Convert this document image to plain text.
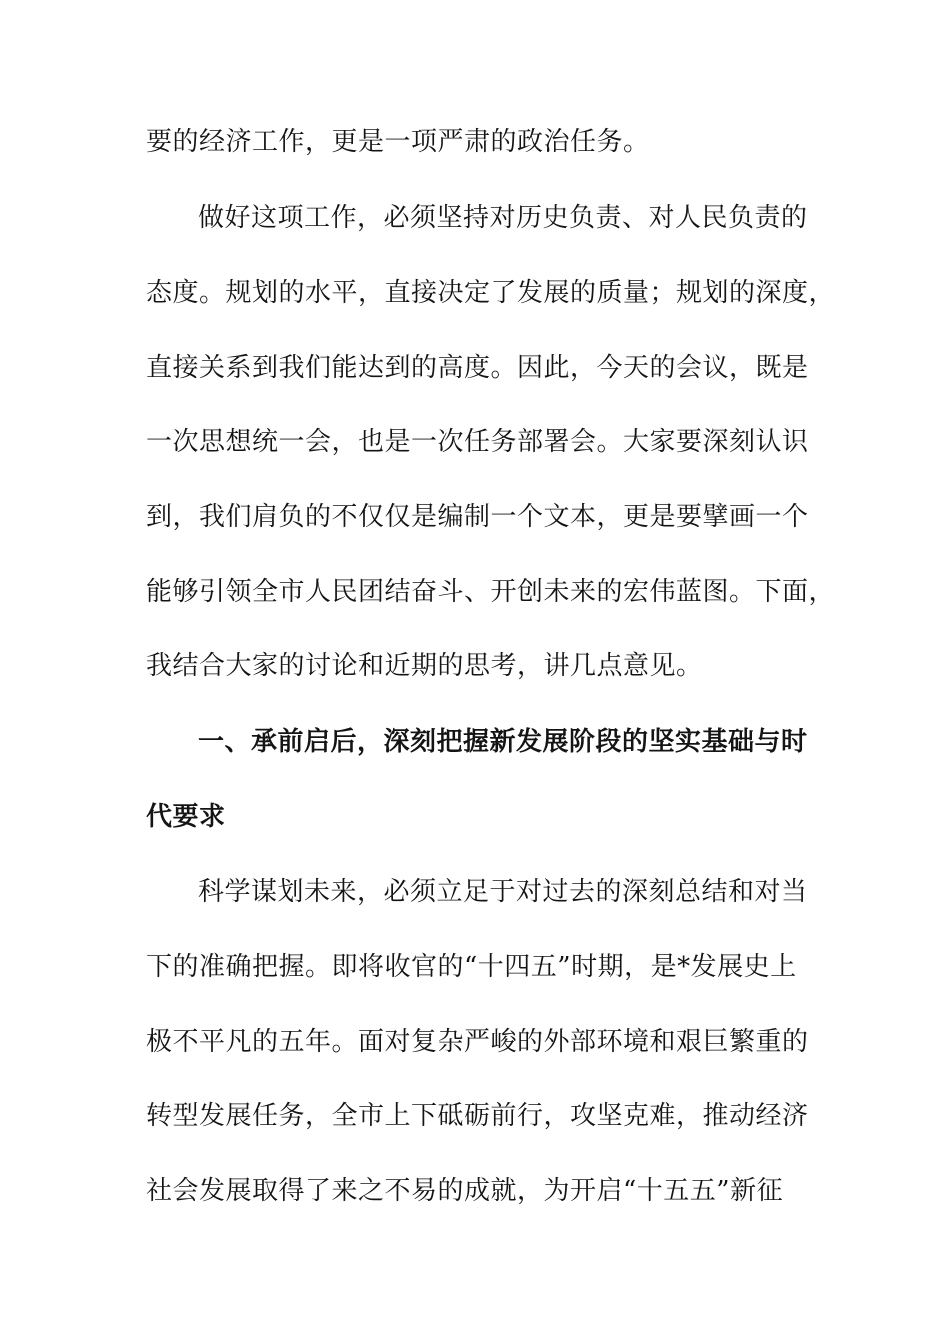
要的经济工作，更是一项严肃的政治任务。
做好这项工作，必须坚持对历史负责、对人民负责的
态度。规划的水平，直接决定了发展的质量；规划的深度，
直接关系到我们能达到的高度。因此，今天的会议，既是
一次思想统一会，也是一次任务部署会。大家要深刻认识
到，我们肩负的不仅仅是编制一个文本，更是要擘画一个
能够引领全市人民团结奋斗、开创未来的宏伟蓝图。下面，
我结合大家的讨论和近期的思考，讲几点意见。
一、承前启后，深刻把握新发展阶段的坚实基础与时
代要求
科学谋划未来，必须立足于对过去的深刻总结和对当
下的准确把握。即将收官的“十四五”时期，是*发展史上
极不平凡的五年。面对复杂严峻的外部环境和艰巨繁重的
转型发展任务，全市上下砥砺前行，攻坚克难，推动经济
社会发展取得了来之不易的成就，为开启“十五五”新征
